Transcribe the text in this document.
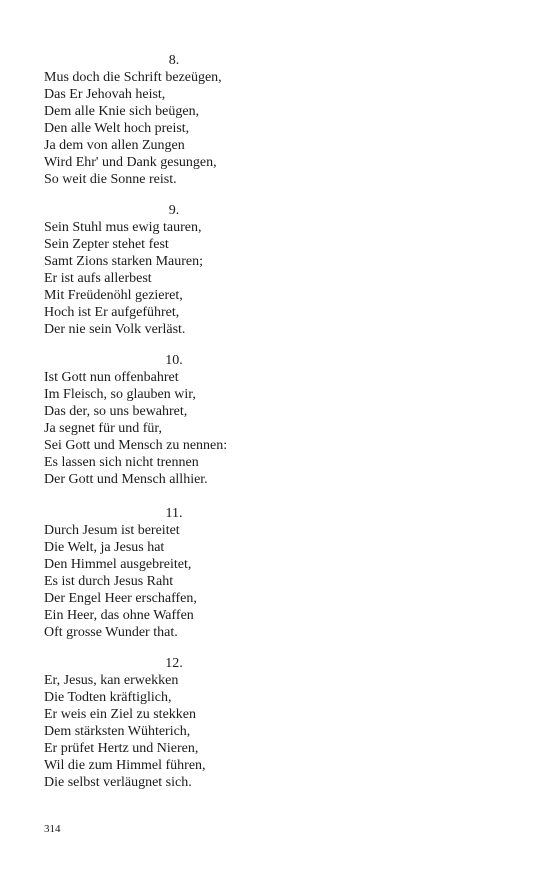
8.
Mus doch die Schrift bezeügen,
Das Er Jehovah heist,
Dem alle Knie sich beügen,
Den alle Welt hoch preist,
Ja dem von allen Zungen
Wird Ehr' und Dank gesungen,
So weit die Sonne reist.
9.
Sein Stuhl mus ewig tauren,
Sein Zepter stehet fest
Samt Zions starken Mauren;
Er ist aufs allerbest
Mit Freüdenöhl gezieret,
Hoch ist Er aufgeführet,
Der nie sein Volk verläst.
10.
Ist Gott nun offenbahret
Im Fleisch, so glauben wir,
Das der, so uns bewahret,
Ja segnet für und für,
Sei Gott und Mensch zu nennen:
Es lassen sich nicht trennen
Der Gott und Mensch allhier.
11.
Durch Jesum ist bereitet
Die Welt, ja Jesus hat
Den Himmel ausgebreitet,
Es ist durch Jesus Raht
Der Engel Heer erschaffen,
Ein Heer, das ohne Waffen
Oft grosse Wunder that.
12.
Er, Jesus, kan erwekken
Die Todten kräftiglich,
Er weis ein Ziel zu stekken
Dem stärksten Wühterich,
Er prüfet Hertz und Nieren,
Wil die zum Himmel führen,
Die selbst verläugnet sich.
314
